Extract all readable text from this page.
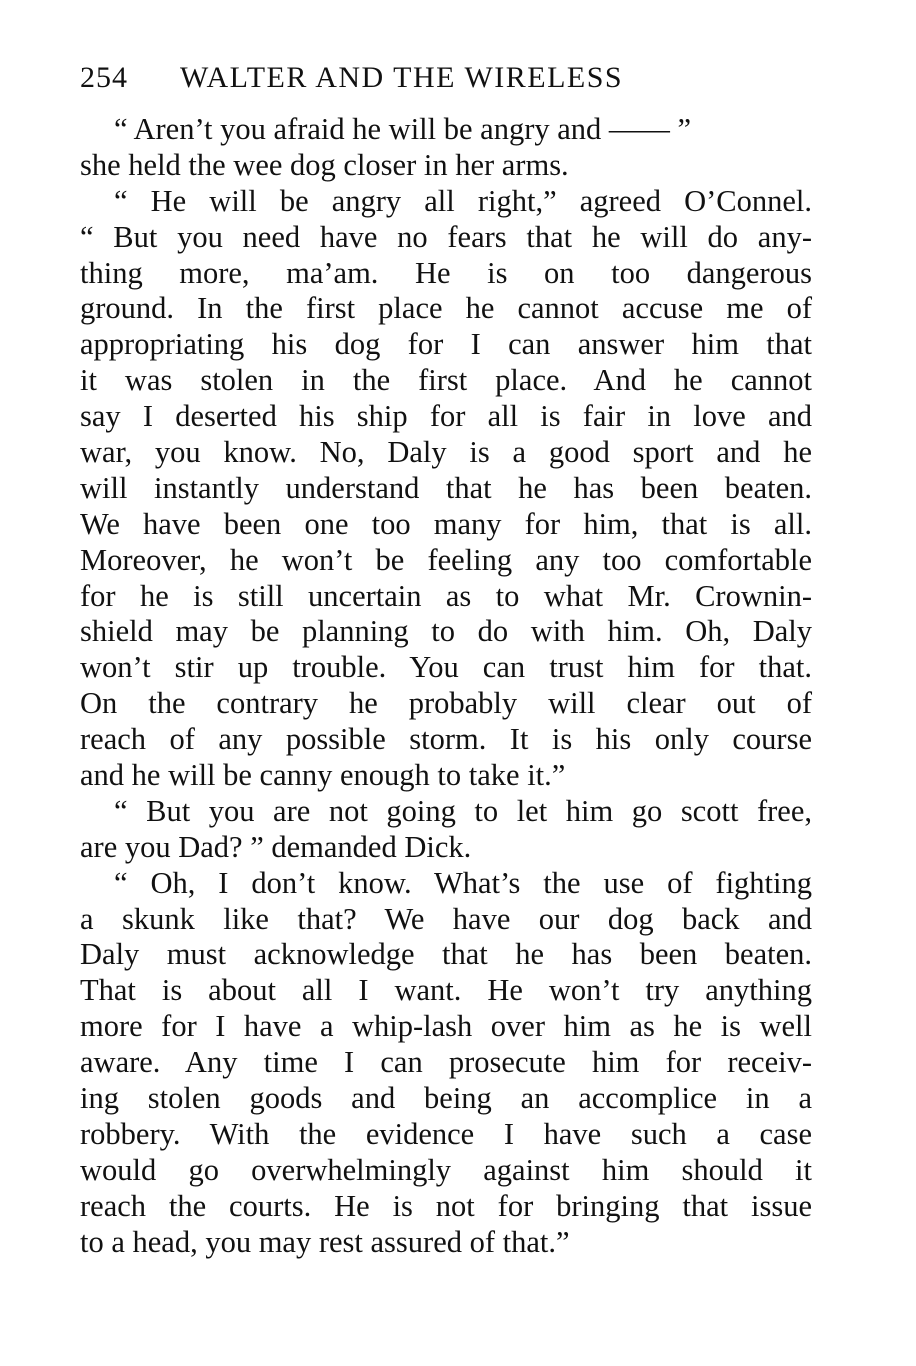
254 WALTER AND THE WIRELESS
“ Aren’t you afraid he will be angry and —— ”
she held the wee dog closer in her arms.
“ He will be angry all right,” agreed O’Connel.
“ But you need have no fears that he will do any-
thing more, ma’am. He is on too dangerous
ground. In the first place he cannot accuse me of
appropriating his dog for I can answer him that
it was stolen in the first place. And he cannot
say I deserted his ship for all is fair in love and
war, you know. No, Daly is a good sport and he
will instantly understand that he has been beaten.
We have been one too many for him, that is all.
Moreover, he won’t be feeling any too comfortable
for he is still uncertain as to what Mr. Crownin-
shield may be planning to do with him. Oh, Daly
won’t stir up trouble. You can trust him for that.
On the contrary he probably will clear out of
reach of any possible storm. It is his only course
and he will be canny enough to take it.”
“ But you are not going to let him go scott free,
are you Dad? ” demanded Dick.
“ Oh, I don’t know. What’s the use of fighting
a skunk like that? We have our dog back and
Daly must acknowledge that he has been beaten.
That is about all I want. He won’t try anything
more for I have a whip-lash over him as he is well
aware. Any time I can prosecute him for receiv-
ing stolen goods and being an accomplice in a
robbery. With the evidence I have such a case
would go overwhelmingly against him should it
reach the courts. He is not for bringing that issue
to a head, you may rest assured of that.”
